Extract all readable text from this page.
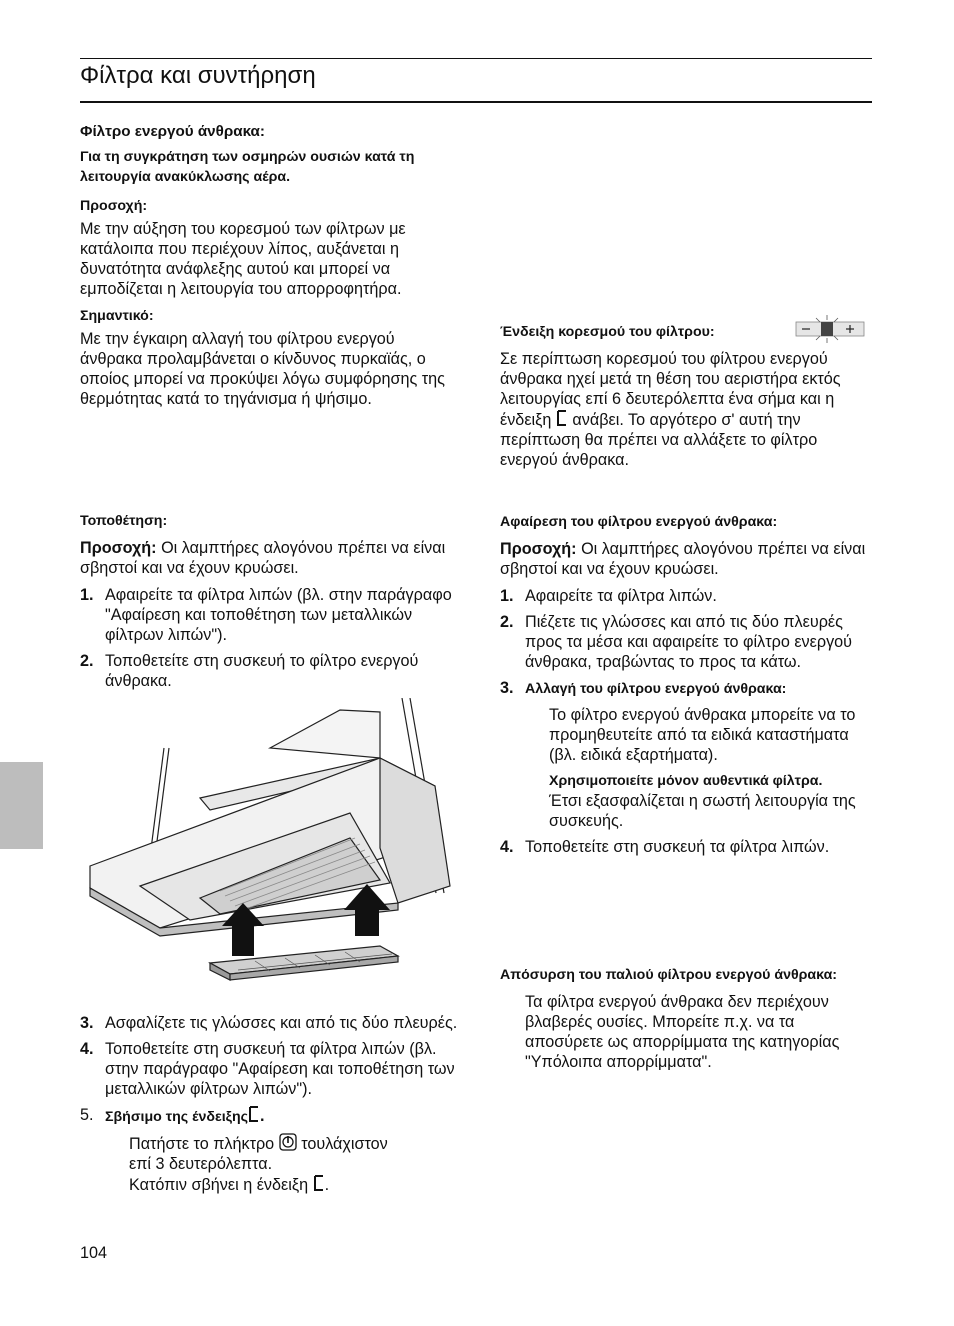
Φίλτρα και συντήρηση

Φίλτρο ενεργού άνθρακα:

Για τη συγκράτηση των οσμηρών ουσιών κατά τη λειτουργία ανακύκλωσης αέρα.

Προσοχή:

Με την αύξηση του κορεσμού των φίλτρων με κατάλοιπα που περιέχουν λίπος, αυξάνεται η δυνατότητα ανάφλεξης αυτού και μπορεί να εμποδίζεται η λειτουργία του απορροφητήρα.

Σημαντικό:

Με την έγκαιρη αλλαγή του φίλτρου ενεργού άνθρακα προλαμβάνεται ο κίνδυνος πυρκαϊάς, ο οποίος μπορεί να προκύψει λόγω συμφόρησης της θερμότητας κατά το τηγάνισμα ή ψήσιμο.

Τοποθέτηση:

Προσοχή: Οι λαμπτήρες αλογόνου πρέπει να είναι σβηστοί και να έχουν κρυώσει.

1. Αφαιρείτε τα φίλτρα λιπών (βλ. στην παράγραφο "Αφαίρεση και τοποθέτηση των μεταλλικών φίλτρων λιπών").
2. Τοποθετείτε στη συσκευή το φίλτρο ενεργού άνθρακα.
3. Ασφαλίζετε τις γλώσσες και από τις δύο πλευρές.
4. Τοποθετείτε στη συσκευή τα φίλτρα λιπών (βλ. στην παράγραφο "Αφαίρεση και τοποθέτηση των μεταλλικών φίλτρων λιπών").
5. Σβήσιμο της ένδειξης .

Πατήστε το πλήκτρο τουλάχιστον

επί 3 δευτερόλεπτα.

Κατόπιν σβήνει η ένδειξη .

Ένδειξη κορεσμού του φίλτρου:

Σε περίπτωση κορεσμού του φίλτρου ενεργού άνθρακα ηχεί μετά τη θέση του αεριστήρα εκτός λειτουργίας επί 6 δευτερόλεπτα ένα σήμα και η ένδειξη ανάβει. Το αργότερο σ' αυτή την περίπτωση θα πρέπει να αλλάξετε το φίλτρο ενεργού άνθρακα.

Αφαίρεση του φίλτρου ενεργού άνθρακα:

Προσοχή: Οι λαμπτήρες αλογόνου πρέπει να είναι σβηστοί και να έχουν κρυώσει.

1. Αφαιρείτε τα φίλτρα λιπών.
2. Πιέζετε τις γλώσσες και από τις δύο πλευρές προς τα μέσα και αφαιρείτε το φίλτρο ενεργού άνθρακα, τραβώντας το προς τα κάτω.
3. Αλλαγή του φίλτρου ενεργού άνθρακα:

Το φίλτρο ενεργού άνθρακα μπορείτε να το προμηθευτείτε από τα ειδικά καταστήματα (βλ. ειδικά εξαρτήματα).

Χρησιμοποιείτε μόνον αυθεντικά φίλτρα.

Έτσι εξασφαλίζεται η σωστή λειτουργία της συσκευής.

4. Τοποθετείτε στη συσκευή τα φίλτρα λιπών.

Απόσυρση του παλιού φίλτρου ενεργού άνθρακα:

Τα φίλτρα ενεργού άνθρακα δεν περιέχουν βλαβερές ουσίες. Μπορείτε π.χ. να τα αποσύρετε ως απορρίμματα της κατηγορίας "Υπόλοιπα απορρίμματα".

104
